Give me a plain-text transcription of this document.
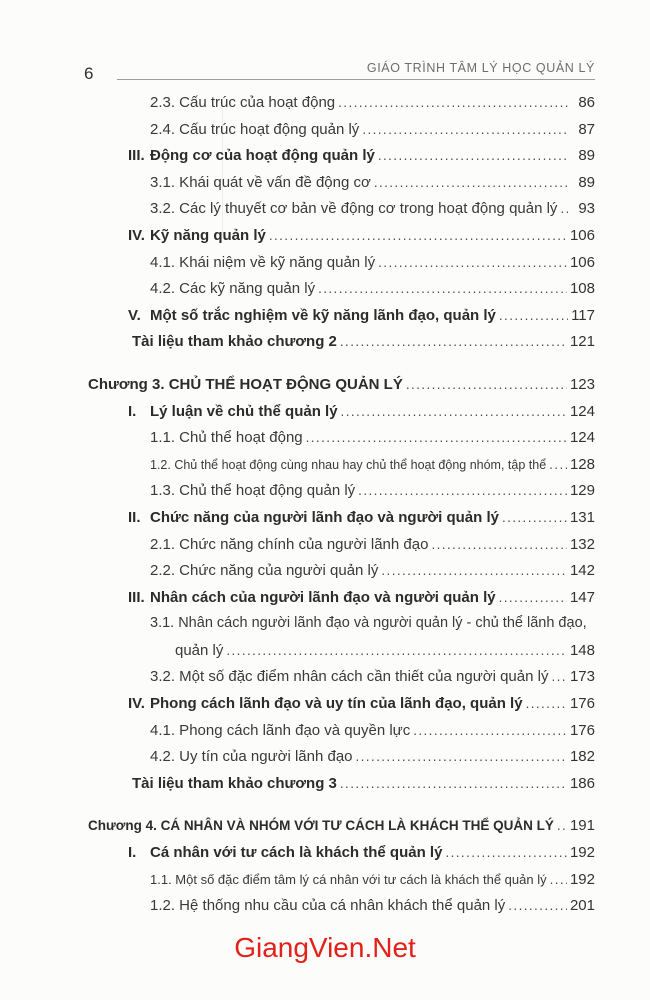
6	GIÁO TRÌNH TÂM LÝ HỌC QUẢN LÝ
2.3. Cấu trúc của hoạt động .....	86
2.4. Cấu trúc hoạt động quản lý .....	87
III. Động cơ của hoạt động quản lý .....	89
3.1. Khái quát về vấn đề động cơ .....	89
3.2. Các lý thuyết cơ bản về động cơ trong hoạt động quản lý .....	93
IV. Kỹ năng quản lý .....	106
4.1. Khái niệm về kỹ năng quản lý .....	106
4.2. Các kỹ năng quản lý .....	108
V. Một số trắc nghiệm về kỹ năng lãnh đạo, quản lý .....	117
Tài liệu tham khảo chương 2 .....	121
Chương 3. CHỦ THỂ HOẠT ĐỘNG QUẢN LÝ .....	123
I. Lý luận về chủ thể quản lý .....	124
1.1. Chủ thể hoạt động .....	124
1.2. Chủ thể hoạt động cùng nhau hay chủ thể hoạt động nhóm, tập thể ..... 128
1.3. Chủ thể hoạt động quản lý .....	129
II. Chức năng của người lãnh đạo và người quản lý .....	131
2.1. Chức năng chính của người lãnh đạo .....	132
2.2. Chức năng của người quản lý .....	142
III. Nhân cách của người lãnh đạo và người quản lý .....	147
3.1. Nhân cách người lãnh đạo và người quản lý - chủ thể lãnh đạo,
quản lý .....	148
3.2. Một số đặc điểm nhân cách cần thiết của người quản lý ..... 173
IV. Phong cách lãnh đạo và uy tín của lãnh đạo, quản lý .....	176
4.1. Phong cách lãnh đạo và quyền lực .....	176
4.2. Uy tín của người lãnh đạo .....	182
Tài liệu tham khảo chương 3 .....	186
Chương 4. CÁ NHÂN VÀ NHÓM VỚI TƯ CÁCH LÀ KHÁCH THỂ QUẢN LÝ ..... 191
I. Cá nhân với tư cách là khách thể quản lý .....	192
1.1. Một số đặc điểm tâm lý cá nhân với tư cách là khách thể quản lý ..... 192
1.2. Hệ thống nhu cầu của cá nhân khách thể quản lý .....	201
GiangVien.Net
